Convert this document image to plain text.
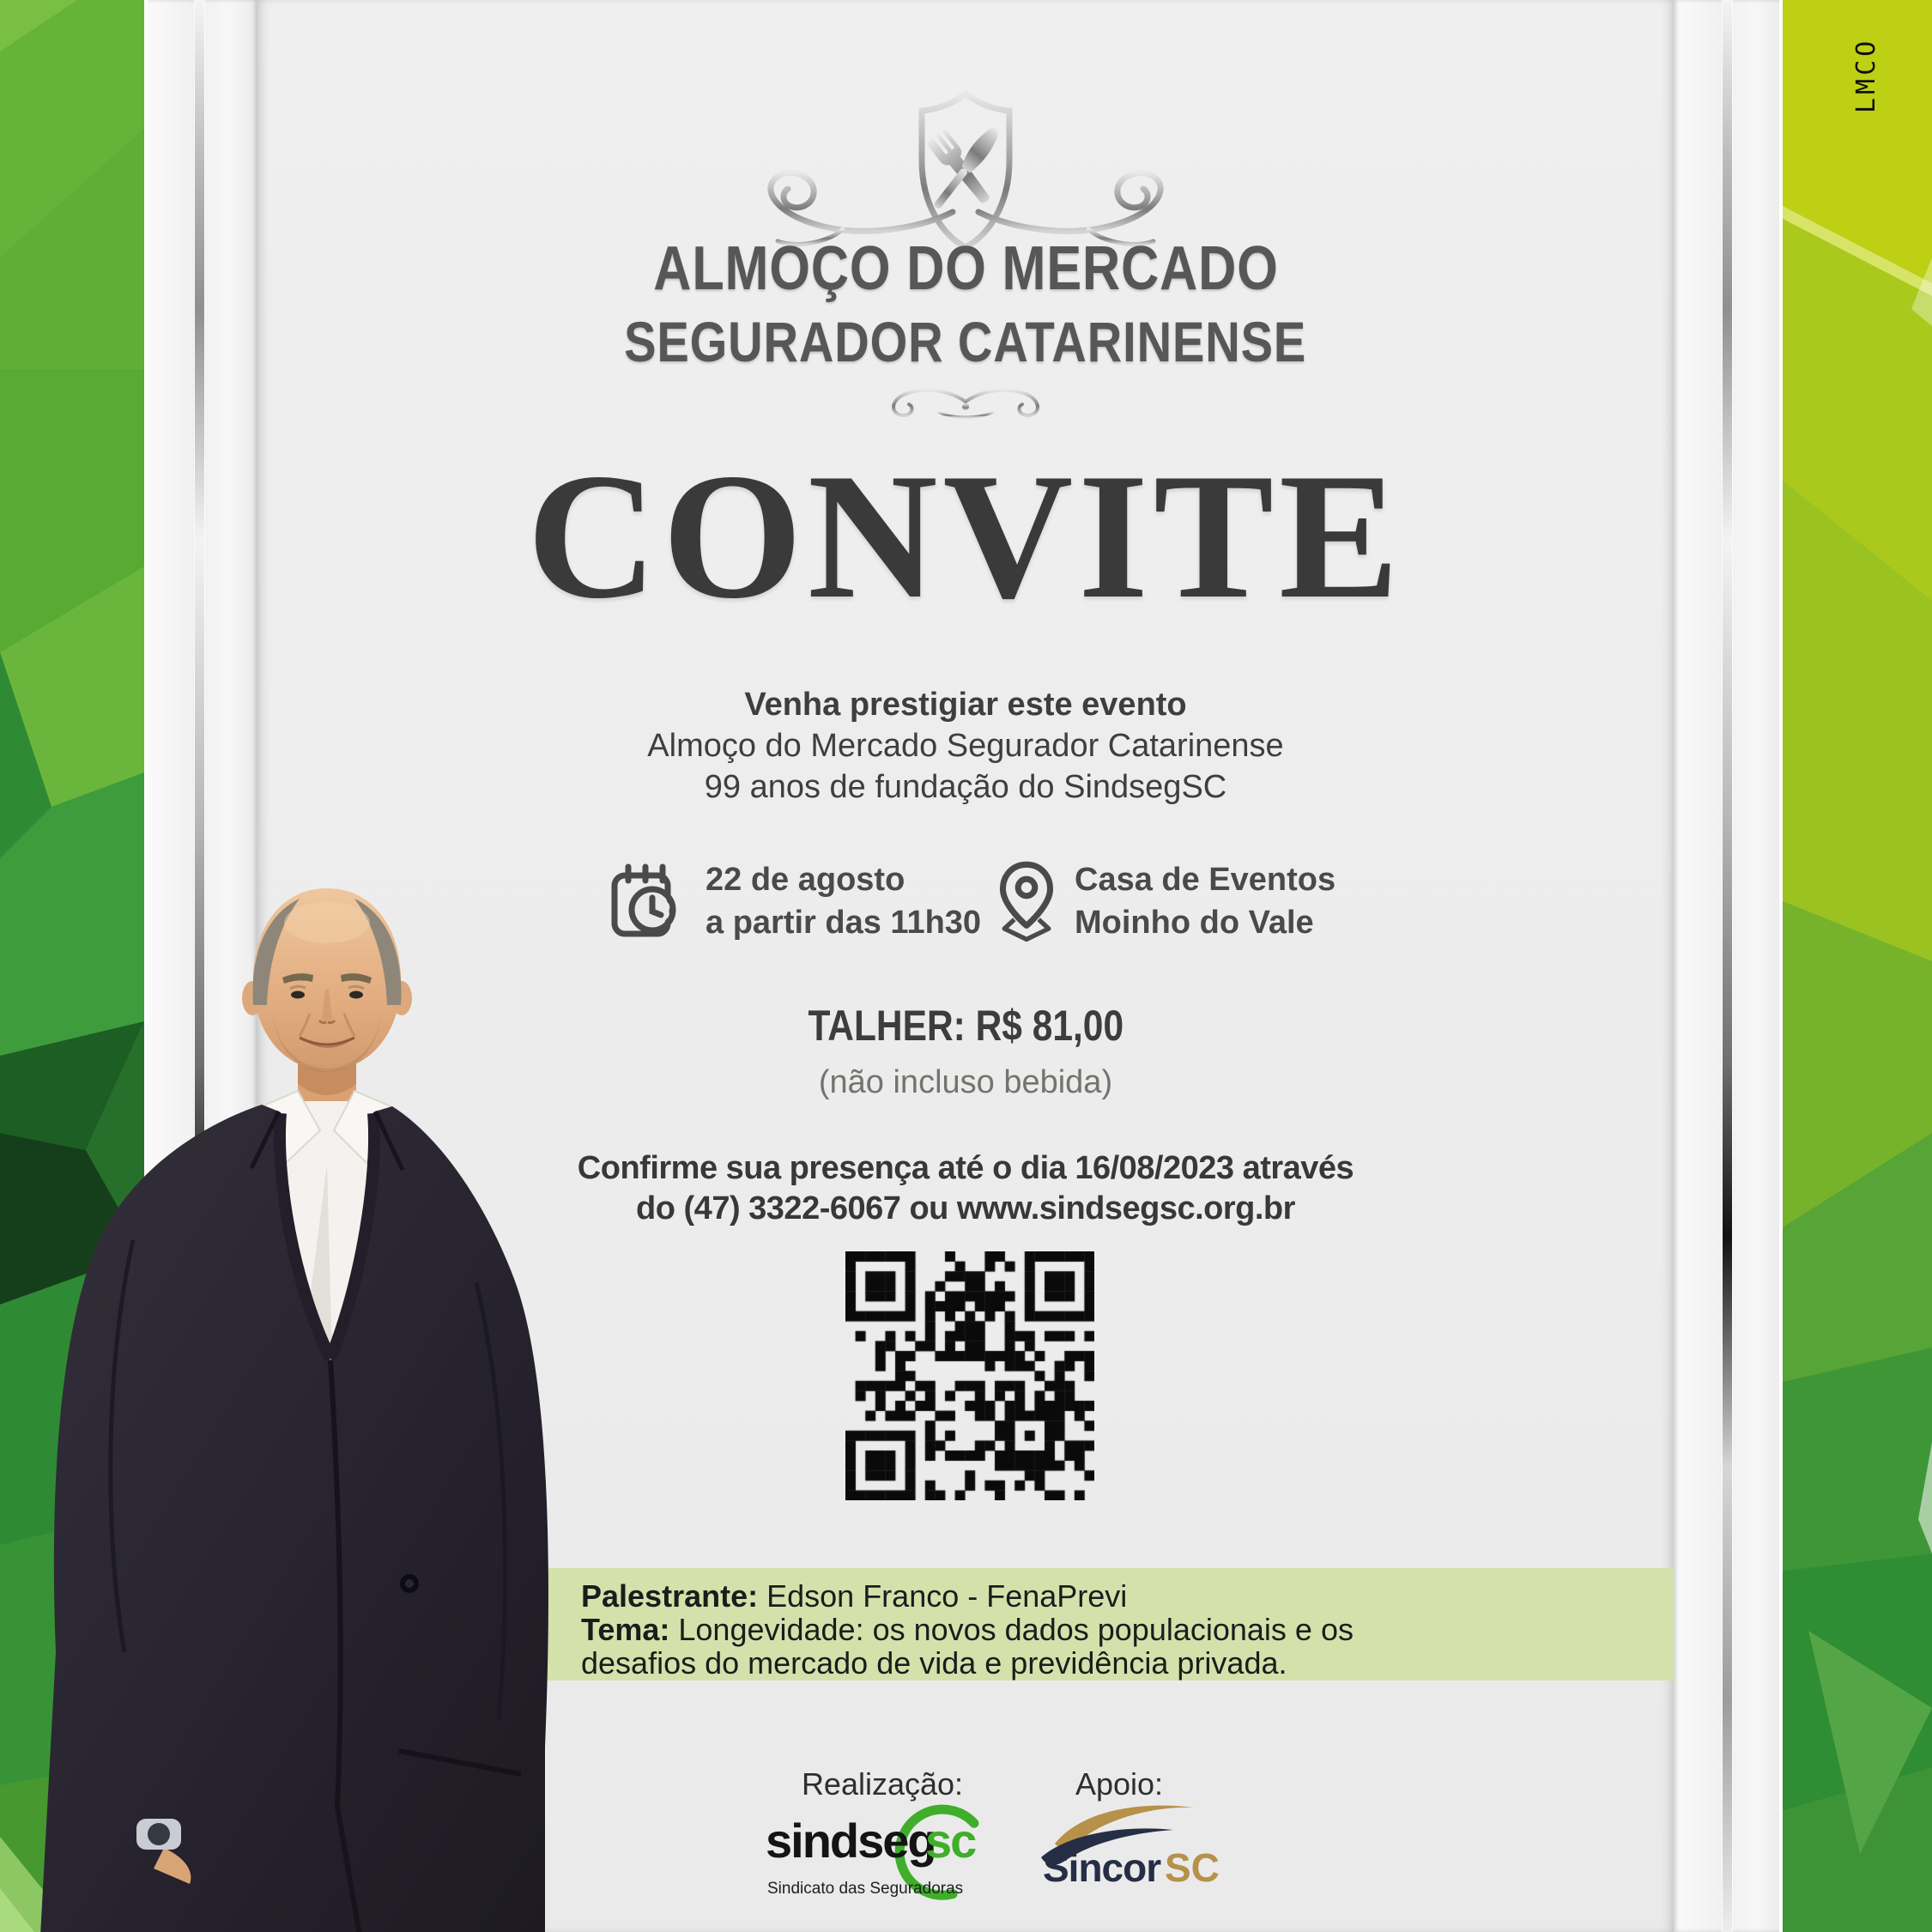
LMCO
ALMOÇO DO MERCADO
SEGURADOR CATARINENSE
CONVITE
Venha prestigiar este evento
Almoço do Mercado Segurador Catarinense
99 anos de fundação do SindsegSC
22 de agosto
a partir das 11h30
Casa de Eventos
Moinho do Vale
TALHER: R$ 81,00
(não incluso bebida)
Confirme sua presença até o dia 16/08/2023 através
do (47) 3322-6067 ou www.sindsegsc.org.br
Palestrante: Edson Franco - FenaPrevi
Tema: Longevidade: os novos dados populacionais e os
desafios do mercado de vida e previdência privada.
Realização:	Apoio:
sindseg
sc
Sindicato das Seguradoras Sincor SC
